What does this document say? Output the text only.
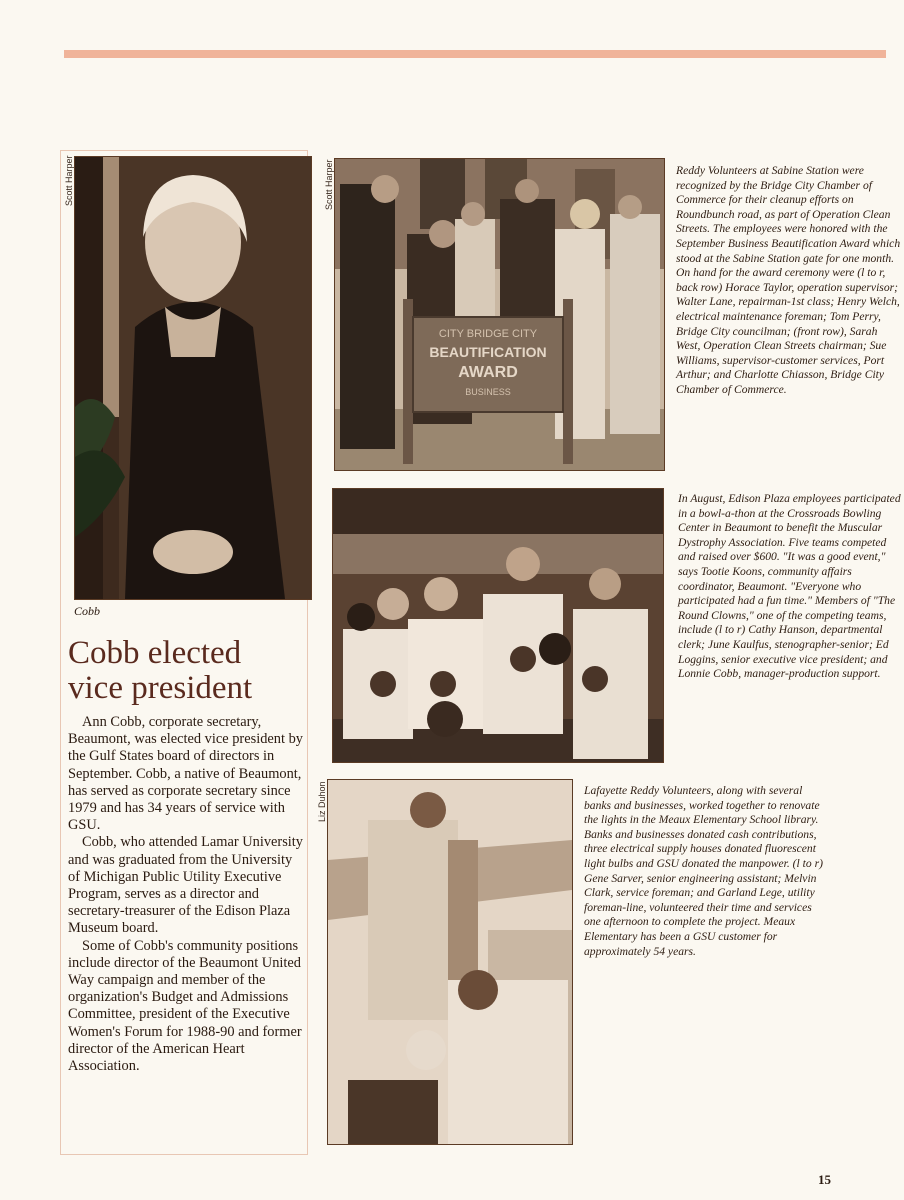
Scott Harper
Cobb
Cobb elected vice president

Ann Cobb, corporate secretary, Beaumont, was elected vice president by the Gulf States board of directors in September. Cobb, a native of Beaumont, has served as corporate secretary since 1979 and has 34 years of service with GSU.

Cobb, who attended Lamar University and was graduated from the University of Michigan Public Utility Executive Program, serves as a director and secretary-treasurer of the Edison Plaza Museum board.

Some of Cobb's community positions include director of the Beaumont United Way campaign and member of the organization's Budget and Admissions Committee, president of the Executive Women's Forum for 1988-90 and former director of the American Heart Association.

Scott Harper
CITY BRIDGE CITY
BEAUTIFICATION
AWARD
BUSINESS
Reddy Volunteers at Sabine Station were recognized by the Bridge City Chamber of Commerce for their cleanup efforts on Roundbunch road, as part of Operation Clean Streets. The employees were honored with the September Business Beautification Award which stood at the Sabine Station gate for one month. On hand for the award ceremony were (l to r, back row) Horace Taylor, operation supervisor; Walter Lane, repairman-1st class; Henry Welch, electrical maintenance foreman; Tom Perry, Bridge City councilman; (front row), Sarah West, Operation Clean Streets chairman; Sue Williams, supervisor-customer services, Port Arthur; and Charlotte Chiasson, Bridge City Chamber of Commerce.
In August, Edison Plaza employees participated in a bowl-a-thon at the Crossroads Bowling Center in Beaumont to benefit the Muscular Dystrophy Association. Five teams competed and raised over $600. "It was a good event," says Tootie Koons, community affairs coordinator, Beaumont. "Everyone who participated had a fun time." Members of "The Round Clowns," one of the competing teams, include (l to r) Cathy Hanson, departmental clerk; June Kaulfus, stenographer-senior; Ed Loggins, senior executive vice president; and Lonnie Cobb, manager-production support.
Liz Duhon	Lafayette Reddy Volunteers, along with several banks and businesses, worked together to renovate the lights in the Meaux Elementary School library. Banks and businesses donated cash contributions, three electrical supply houses donated fluorescent light bulbs and GSU donated the manpower. (l to r) Gene Sarver, senior engineering assistant; Melvin Clark, service foreman; and Garland Lege, utility foreman-line, volunteered their time and services one afternoon to complete the project. Meaux Elementary has been a GSU customer for approximately 54 years.
15
